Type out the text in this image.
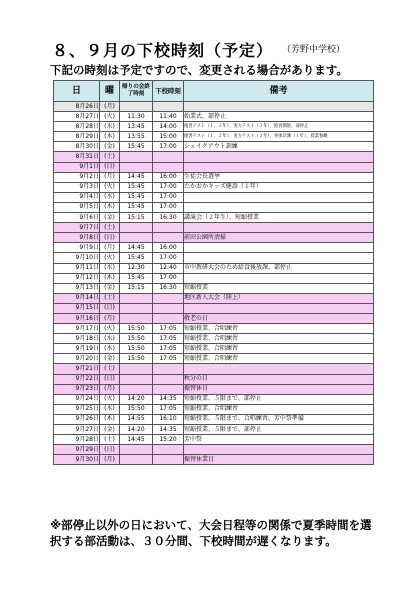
８、９月の下校時刻（予定） （芳野中学校）
下記の時刻は予定ですので、変更される場合があります。
日	曜	帰りの会終了時刻	下校時刻	備考
8月26日	(月)			
8月27日	(火)	11:30	11:40	始業式、部停止
8月28日	(水)	13:45	14:00	復習テスト（１，２年）、実力テスト（３年）、給食開始、部停止
8月29日	(木)	13:55	15:00	復習テスト（１，２年）、実力テスト（３年）、身体計測（１年）、授業参観
8月30日	(金)	15:45	17:00	シェイクアウト訓練
8月31日	(土)			
9月1日	(日)			
9月2日	(月)	14:45	16:00	生徒会長選挙
9月3日	(火)	15:45	17:00	たかおかキッズ健診（１年）
9月4日	(水)	15:45	17:00	
9月5日	(木)	15:45	17:00	
9月6日	(金)	15:15	16:30	講演会（２年生）、短縮授業
9月7日	(土)			
9月8日	(日)			前田公園所清掃
9月9日	(月)	14:45	16:00	
9月10日	(火)	15:45	17:00	
9月11日	(水)	12:30	12:40	市中教研大会のため給食後放課、部停止
9月12日	(木)	15:45	17:00	
9月13日	(金)	15:15	16:30	短縮授業
9月14日	(土)			地区新人大会（陸上）
9月15日	(日)			
9月16日	(月)			敬老の日
9月17日	(火)	15:50	17:05	短縮授業、合唱練習
9月18日	(水)	15:50	17:05	短縮授業、合唱練習
9月19日	(木)	15:50	17:05	短縮授業、合唱練習
9月20日	(金)	15:50	17:05	短縮授業、合唱練習
9月21日	(土)			
9月22日	(日)			秋分の日
9月23日	(月)			振替休日
9月24日	(火)	14:20	14:35	短縮授業、５限まで、部停止
9月25日	(水)	15:50	17:05	短縮授業、合唱練習
9月26日	(木)	14:55	16:10	短縮授業、５限まで、合唱練習、芳中祭準備
9月27日	(金)	14:20	14:35	短縮授業、５限まで、部停止
9月28日	(土)	14:45	15:20	芳中祭
9月29日	(日)			
9月30日	(月)			振替休業日
※部停止以外の日において、大会日程等の関係で夏季時間を選
択する部活動は、３０分間、下校時間が遅くなります。
